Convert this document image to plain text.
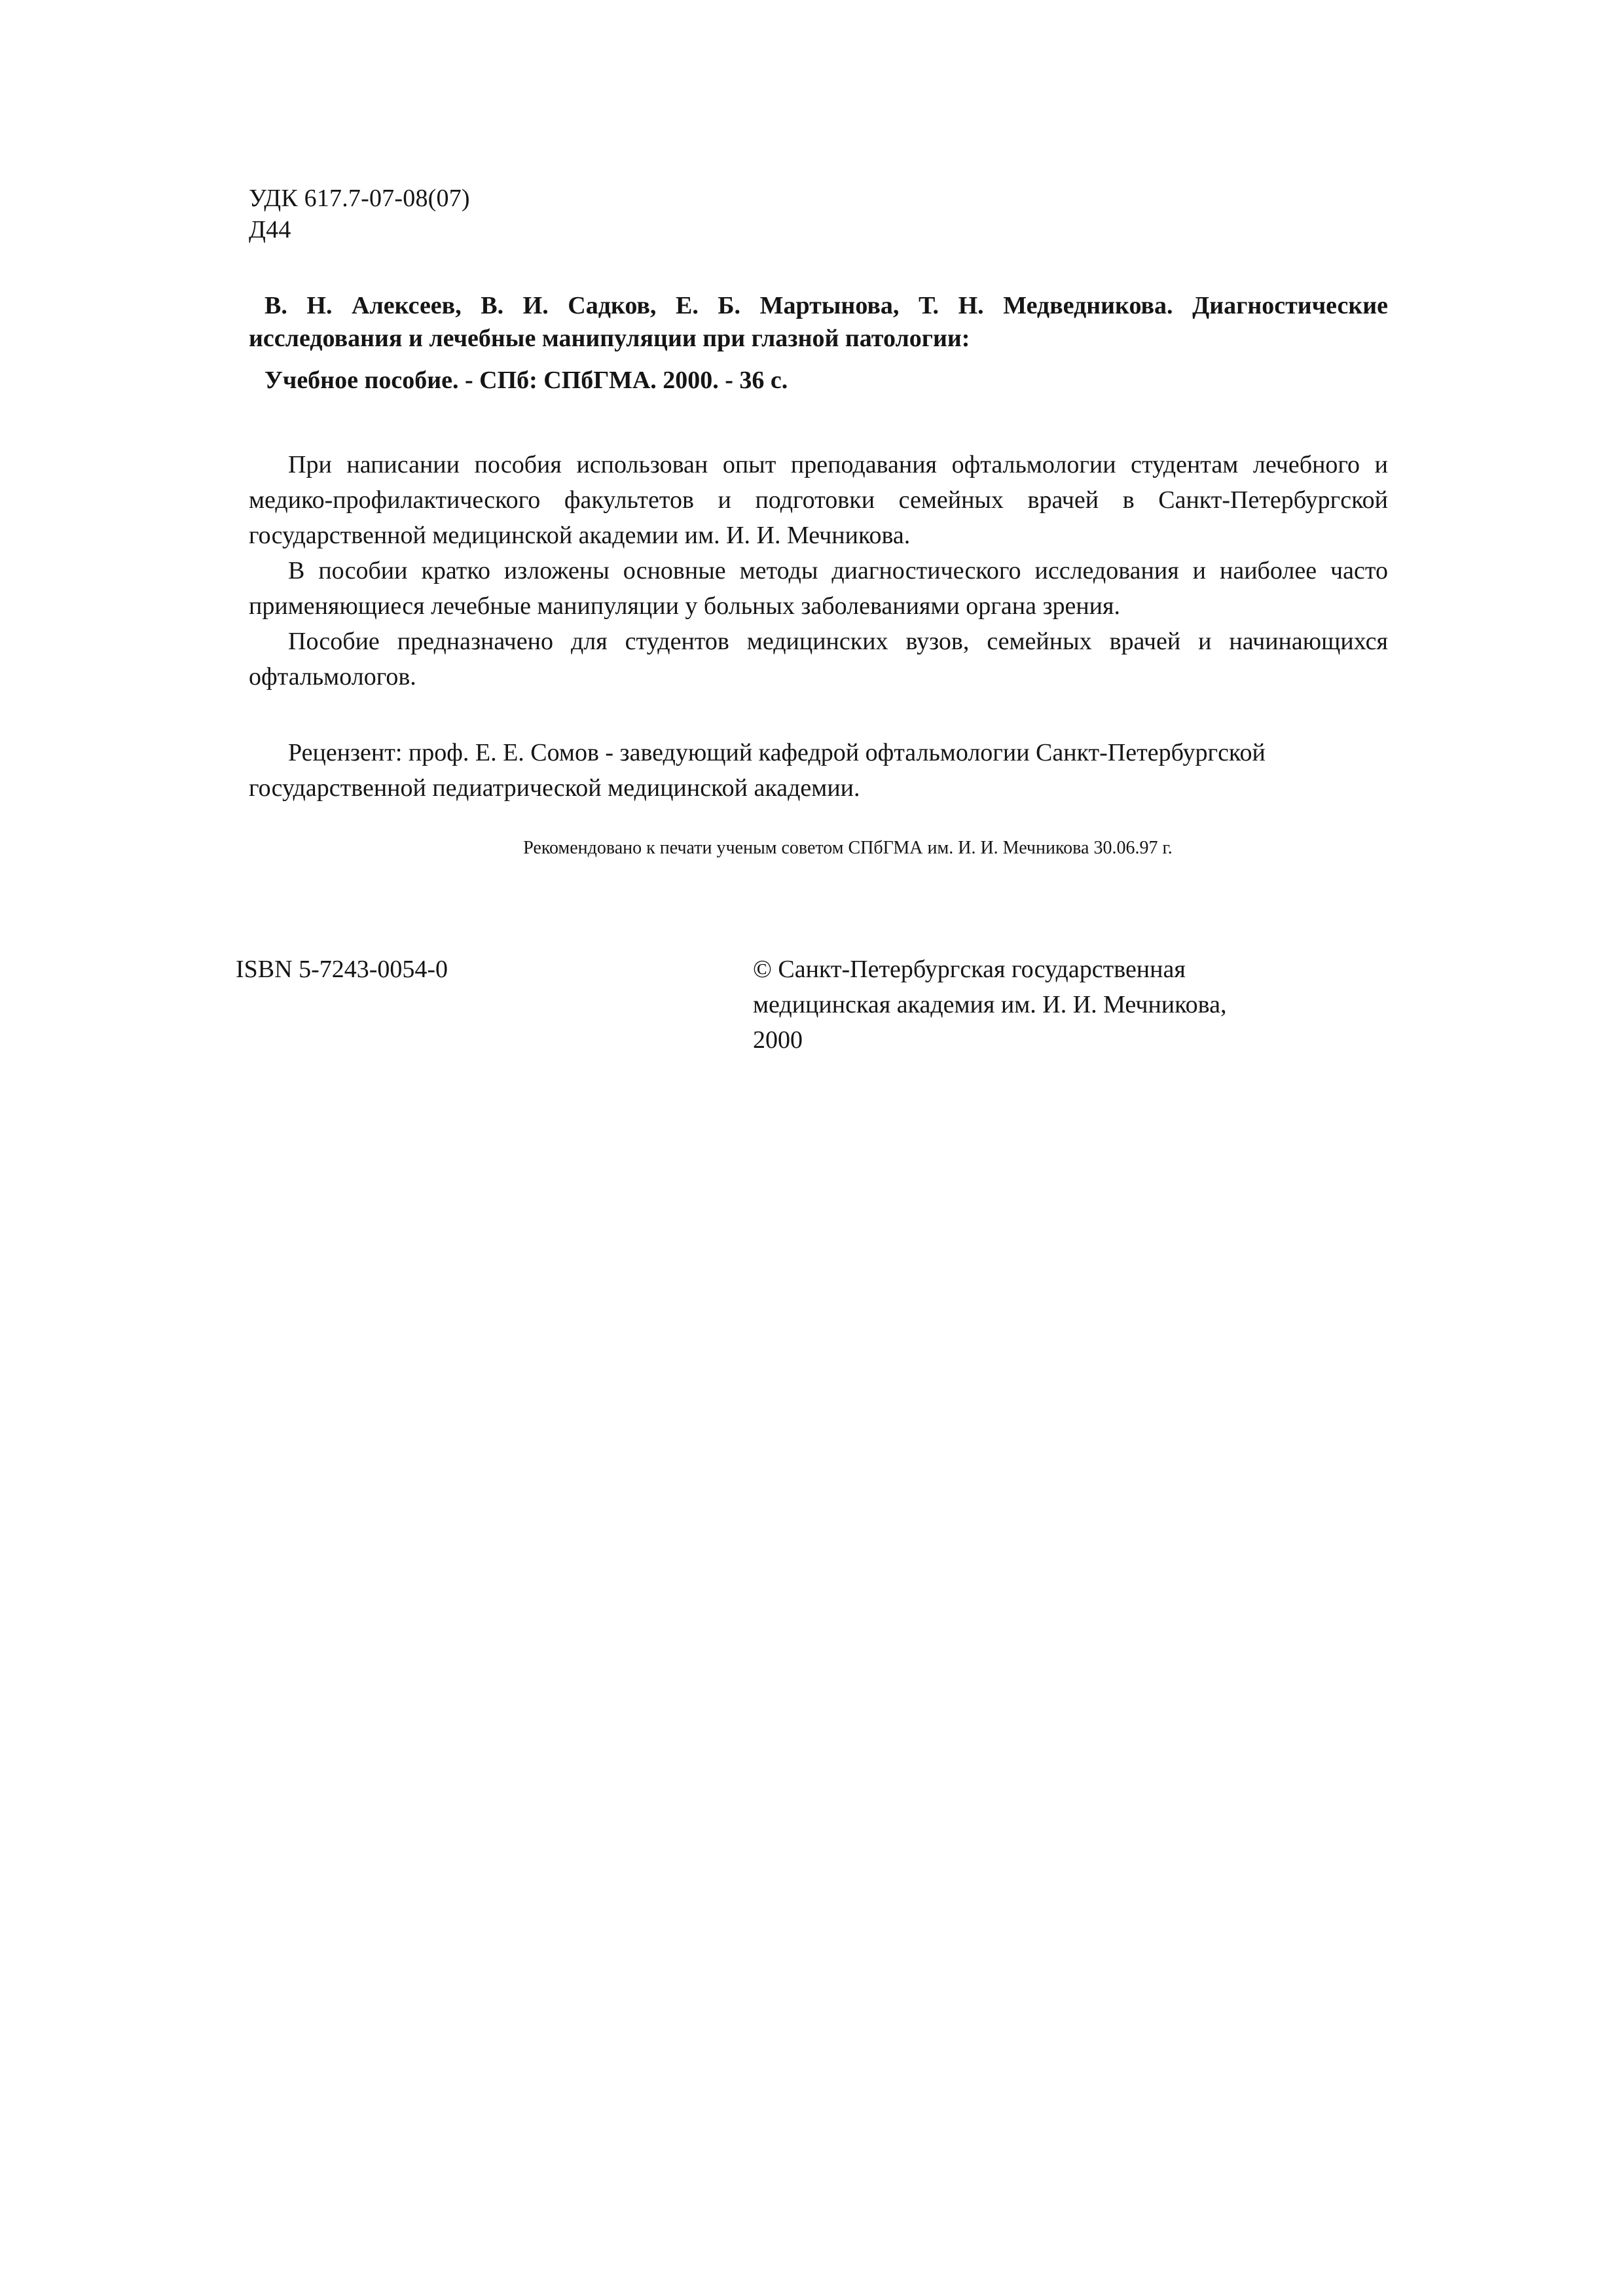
УДК 617.7-07-08(07)
Д44
В. Н. Алексеев, В. И. Садков, Е. Б. Мартынова, Т. Н. Медведникова. Диагностические
исследования и лечебные манипуляции при глазной патологии:
Учебное пособие. - СПб: СПбГМА. 2000. - 36 с.

При написании пособия использован опыт преподавания офтальмологии студентам лечебного и медико-профилактического факультетов и подготовки семейных врачей в Санкт-Петербургской государственной медицинской академии им. И. И. Мечникова.

В пособии кратко изложены основные методы диагностического исследования и наиболее часто применяющиеся лечебные манипуляции у больных заболеваниями органа зрения.

Пособие предназначено для студентов медицинских вузов, семейных врачей и начинающихся офтальмологов.

Рецензент: проф. Е. Е. Сомов - заведующий кафедрой офтальмологии Санкт-Петербургской государственной педиатрической медицинской академии.
Рекомендовано к печати ученым советом СПбГМА им. И. И. Мечникова 30.06.97 г.
ISBN 5-7243-0054-0	© Санкт-Петербургская государственная
медицинская академия им. И. И. Мечникова,
2000
